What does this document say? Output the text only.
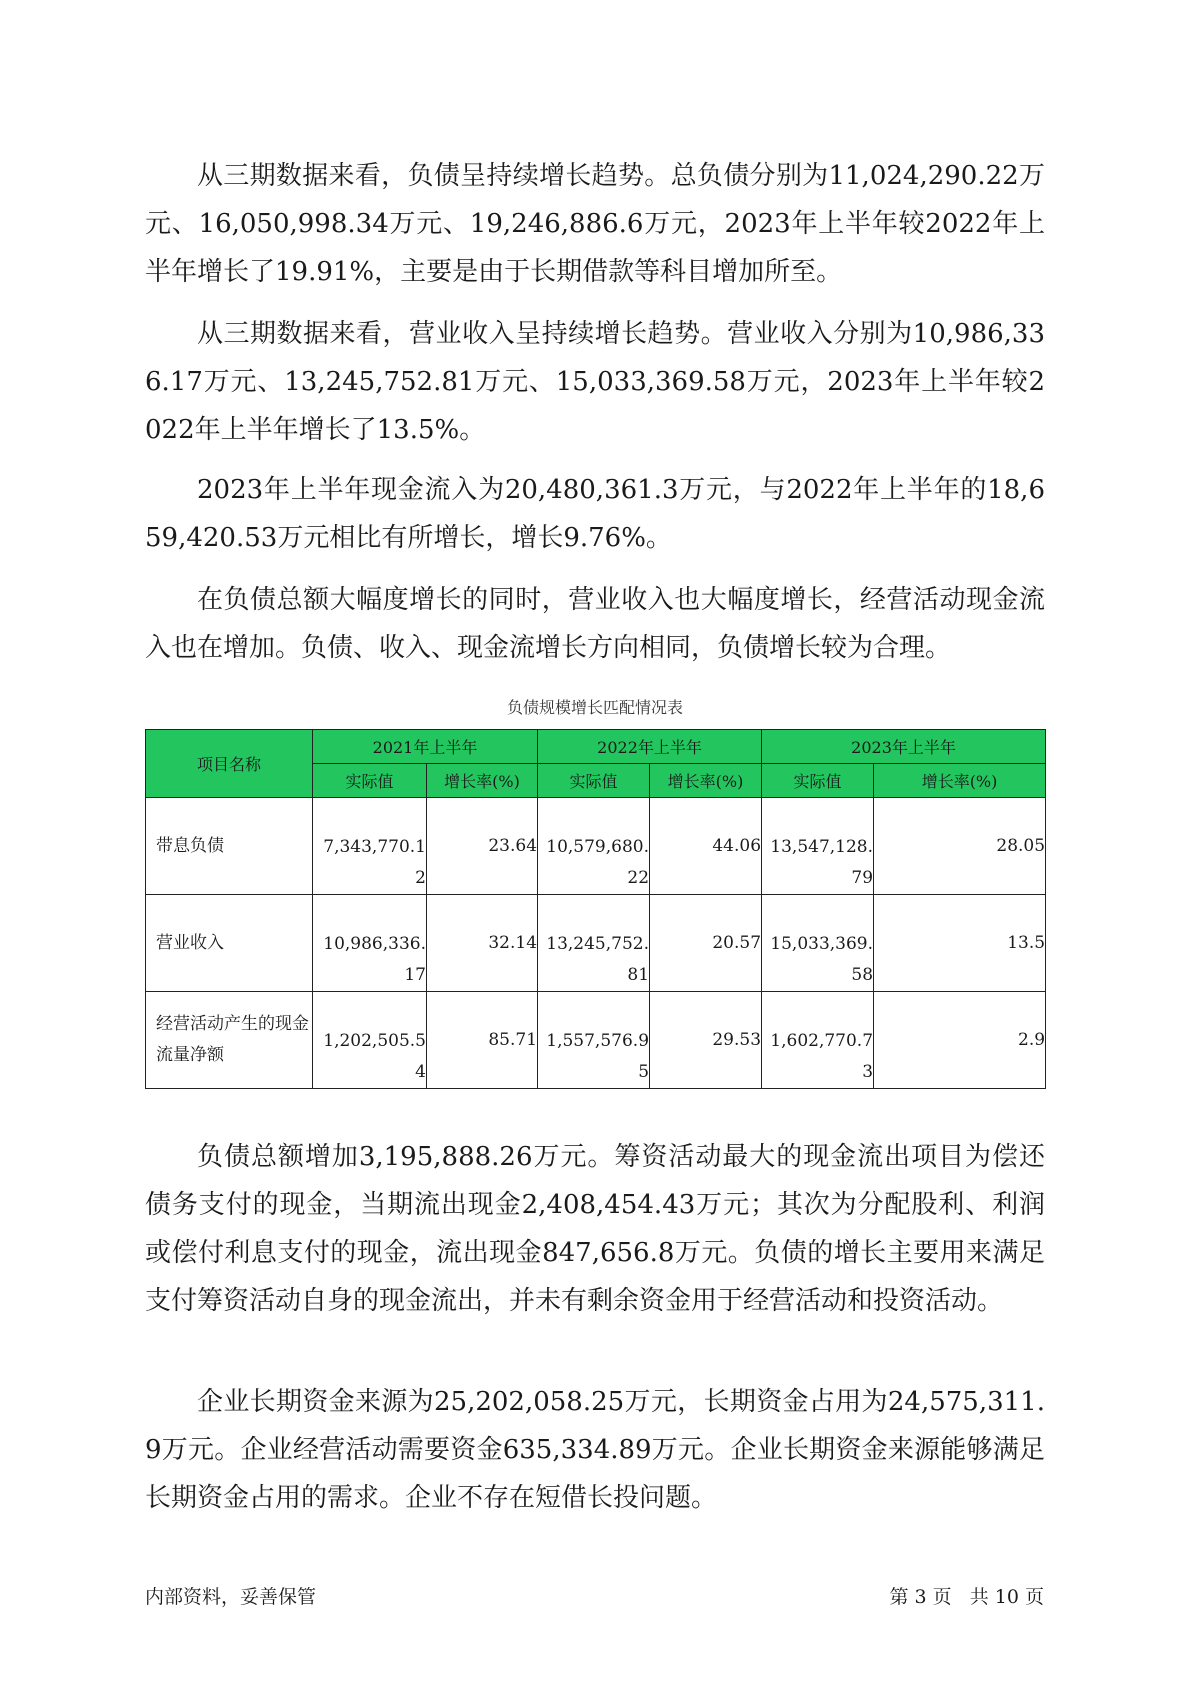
从三期数据来看，负债呈持续增长趋势。总负债分别为11,024,290.22万元、16,050,998.34万元、19,246,886.6万元，2023年上半年较2022年上半年增长了19.91%，主要是由于长期借款等科目增加所至。

从三期数据来看，营业收入呈持续增长趋势。营业收入分别为10,986,336.17万元、13,245,752.81万元、15,033,369.58万元，2023年上半年较2022年上半年增长了13.5%。

2023年上半年现金流入为20,480,361.3万元，与2022年上半年的18,659,420.53万元相比有所增长，增长9.76%。

在负债总额大幅度增长的同时，营业收入也大幅度增长，经营活动现金流入也在增加。负债、收入、现金流增长方向相同，负债增长较为合理。

负债规模增长匹配情况表
项目名称	2021年上半年		2022年上半年		2023年上半年	
	实际值	增长率(%)	实际值	增长率(%)	实际值	增长率(%)
带息负债	7,343,770.12	23.64	10,579,680.22	44.06	13,547,128.79	28.05
营业收入	10,986,336.17	32.14	13,245,752.81	20.57	15,033,369.58	13.5
经营活动产生的现金流量净额	1,202,505.54	85.71	1,557,576.95	29.53	1,602,770.73	2.9

负债总额增加3,195,888.26万元。筹资活动最大的现金流出项目为偿还债务支付的现金，当期流出现金2,408,454.43万元；其次为分配股利、利润或偿付利息支付的现金，流出现金847,656.8万元。负债的增长主要用来满足支付筹资活动自身的现金流出，并未有剩余资金用于经营活动和投资活动。

企业长期资金来源为25,202,058.25万元，长期资金占用为24,575,311.9万元。企业经营活动需要资金635,334.89万元。企业长期资金来源能够满足长期资金占用的需求。企业不存在短借长投问题。

内部资料，妥善保管	第 3 页   共 10 页
